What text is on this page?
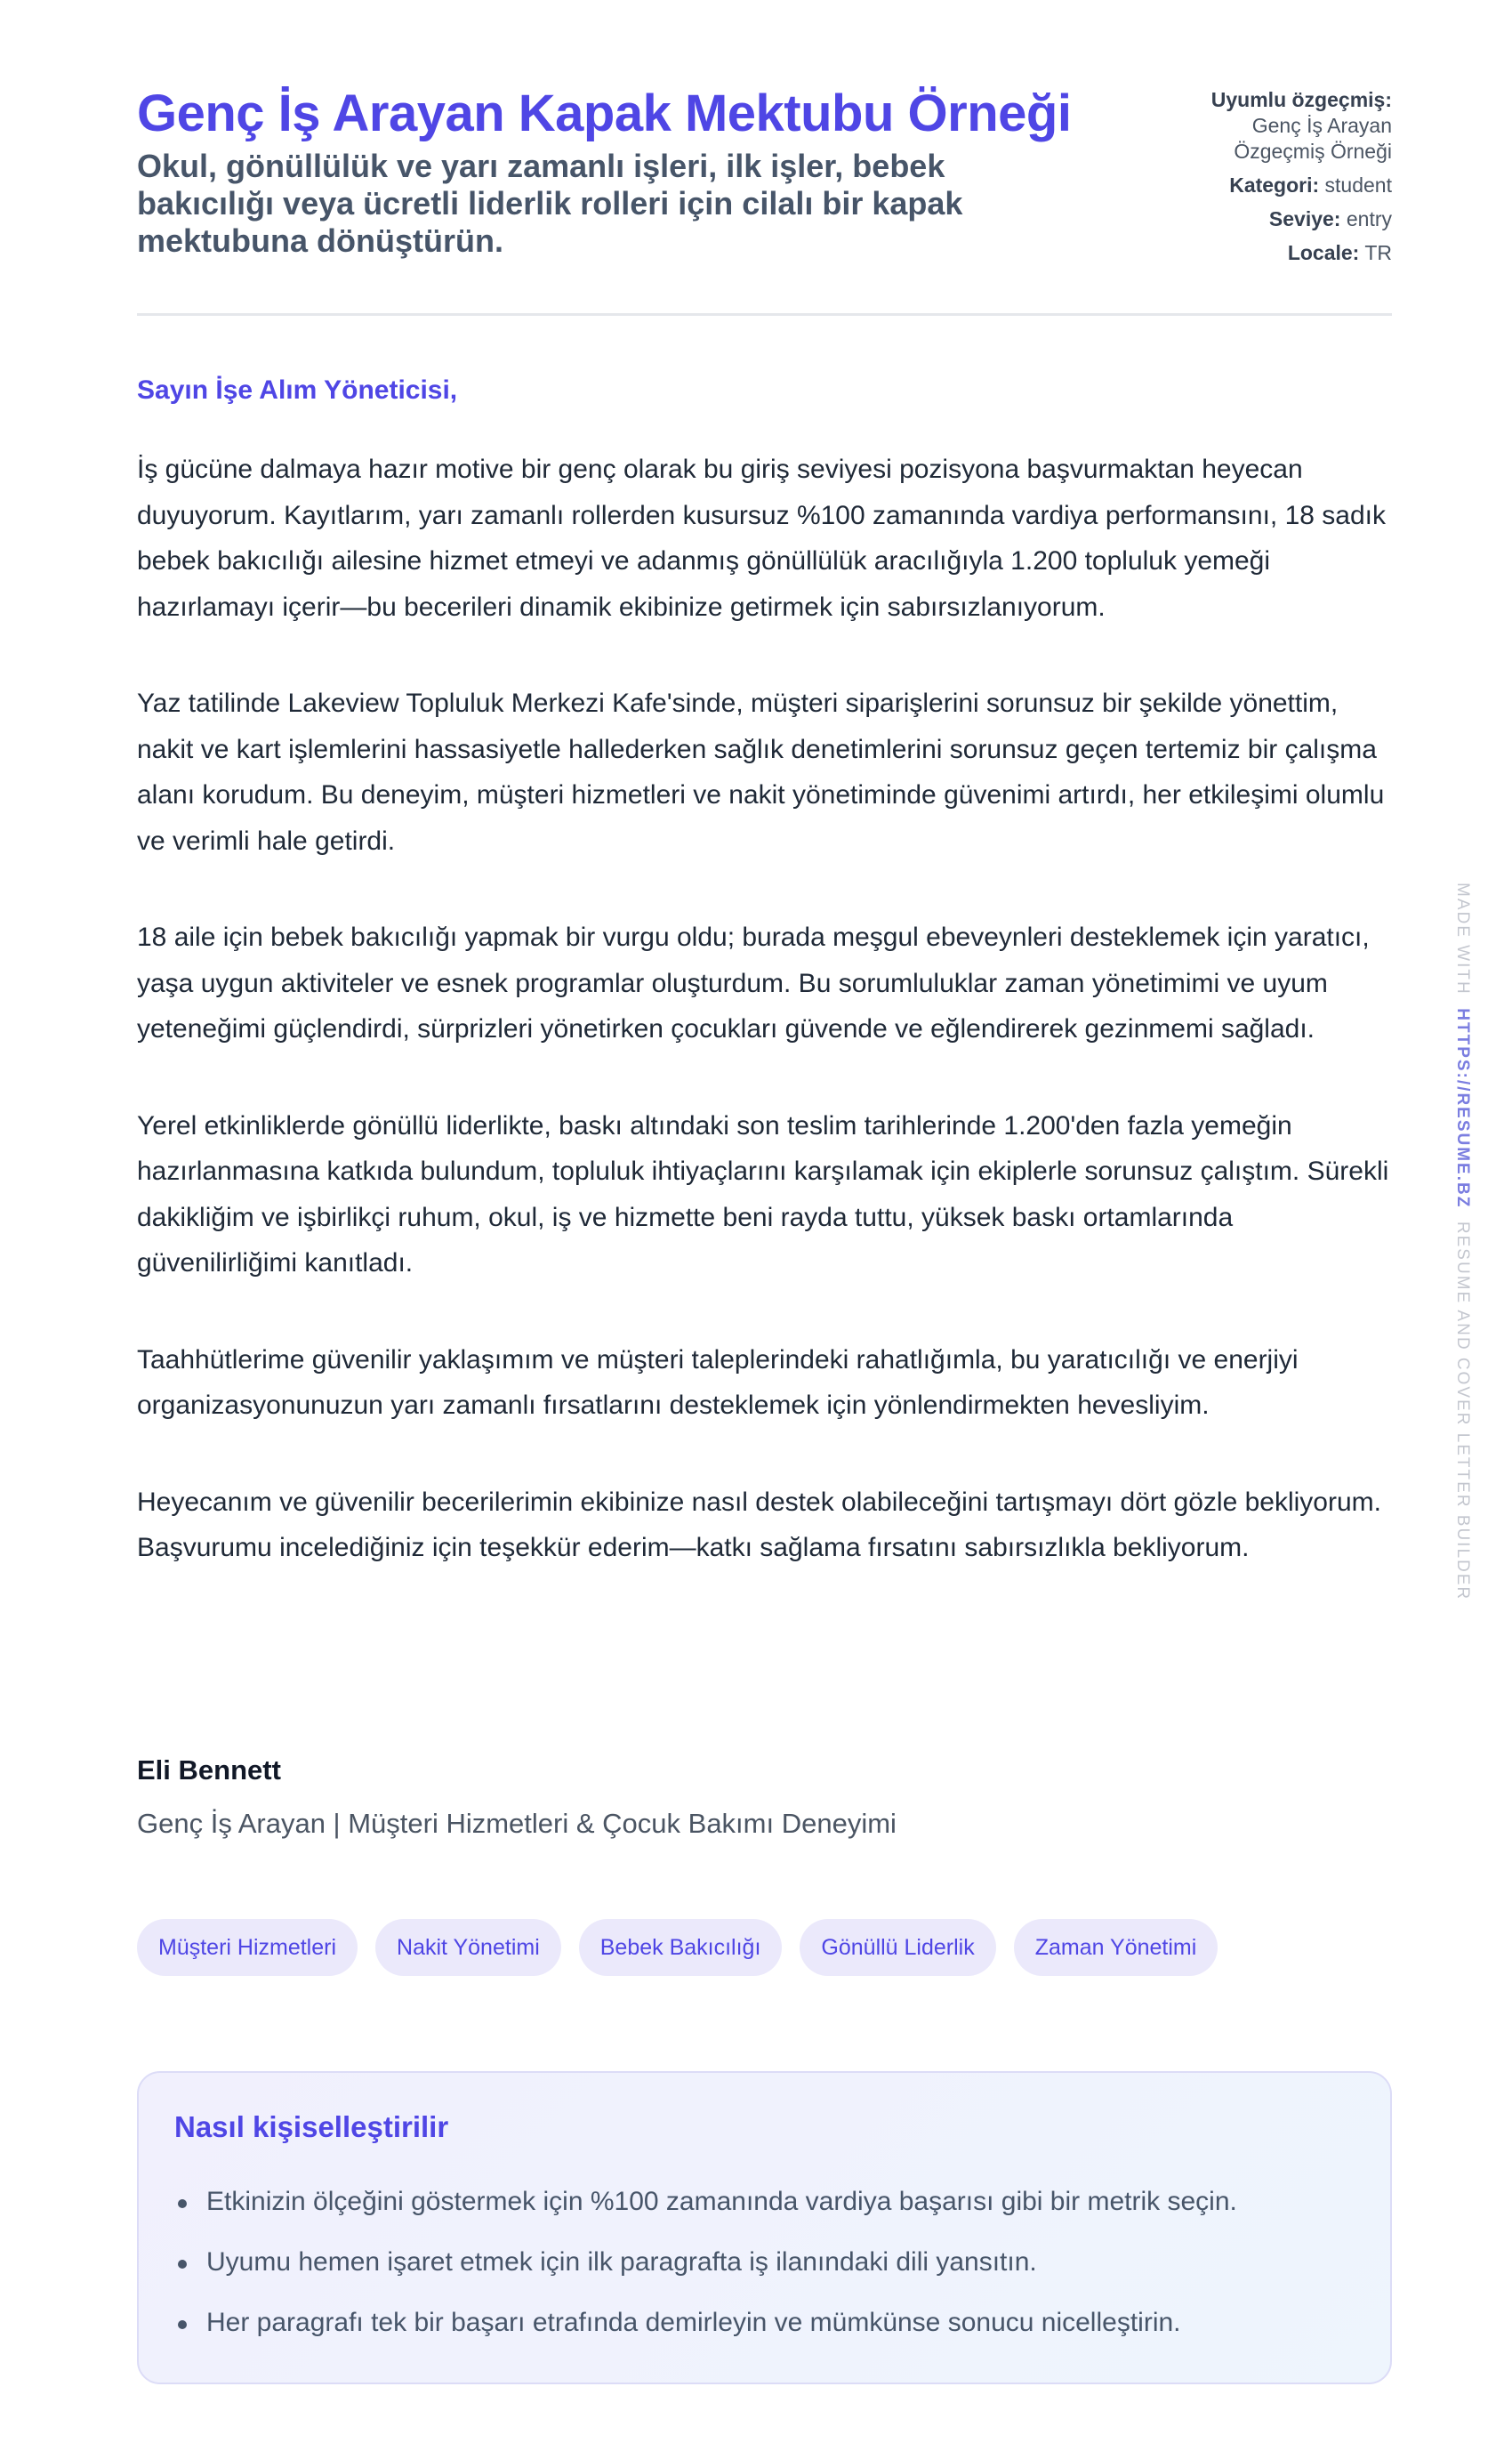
Genç İş Arayan Kapak Mektubu Örneği

Okul, gönüllülük ve yarı zamanlı işleri, ilk işler, bebek bakıcılığı veya ücretli liderlik rolleri için cilalı bir kapak mektubuna dönüştürün.

Uyumlu özgeçmiş:
Genç İş Arayan
Özgeçmiş Örneği
Kategori: student
Seviye: entry
Locale: TR
Sayın İşe Alım Yöneticisi,

İş gücüne dalmaya hazır motive bir genç olarak bu giriş seviyesi pozisyona başvurmaktan heyecan duyuyorum. Kayıtlarım, yarı zamanlı rollerden kusursuz %100 zamanında vardiya performansını, 18 sadık bebek bakıcılığı ailesine hizmet etmeyi ve adanmış gönüllülük aracılığıyla 1.200 topluluk yemeği hazırlamayı içerir—bu becerileri dinamik ekibinize getirmek için sabırsızlanıyorum.

Yaz tatilinde Lakeview Topluluk Merkezi Kafe'sinde, müşteri siparişlerini sorunsuz bir şekilde yönettim, nakit ve kart işlemlerini hassasiyetle hallederken sağlık denetimlerini sorunsuz geçen tertemiz bir çalışma alanı korudum. Bu deneyim, müşteri hizmetleri ve nakit yönetiminde güvenimi artırdı, her etkileşimi olumlu ve verimli hale getirdi.

18 aile için bebek bakıcılığı yapmak bir vurgu oldu; burada meşgul ebeveynleri desteklemek için yaratıcı, yaşa uygun aktiviteler ve esnek programlar oluşturdum. Bu sorumluluklar zaman yönetimimi ve uyum yeteneğimi güçlendirdi, sürprizleri yönetirken çocukları güvende ve eğlendirerek gezinmemi sağladı.

Yerel etkinliklerde gönüllü liderlikte, baskı altındaki son teslim tarihlerinde 1.200'den fazla yemeğin hazırlanmasına katkıda bulundum, topluluk ihtiyaçlarını karşılamak için ekiplerle sorunsuz çalıştım. Sürekli dakikliğim ve işbirlikçi ruhum, okul, iş ve hizmette beni rayda tuttu, yüksek baskı ortamlarında güvenilirliğimi kanıtladı.

Taahhütlerime güvenilir yaklaşımım ve müşteri taleplerindeki rahatlığımla, bu yaratıcılığı ve enerjiyi organizasyonunuzun yarı zamanlı fırsatlarını desteklemek için yönlendirmekten hevesliyim.

Heyecanım ve güvenilir becerilerimin ekibinize nasıl destek olabileceğini tartışmayı dört gözle bekliyorum. Başvurumu incelediğiniz için teşekkür ederim—katkı sağlama fırsatını sabırsızlıkla bekliyorum.

Eli Bennett
Genç İş Arayan | Müşteri Hizmetleri & Çocuk Bakımı Deneyimi
Müşteri Hizmetleri	Nakit Yönetimi	Bebek Bakıcılığı	Gönüllü Liderlik	Zaman Yönetimi
Nasıl kişiselleştirilir
Etkinizin ölçeğini göstermek için %100 zamanında vardiya başarısı gibi bir metrik seçin.
Uyumu hemen işaret etmek için ilk paragrafta iş ilanındaki dili yansıtın.
Her paragrafı tek bir başarı etrafında demirleyin ve mümkünse sonucu nicelleştirin.
MADE WITH  HTTPS://RESUME.BZ  RESUME AND COVER LETTER BUILDER
